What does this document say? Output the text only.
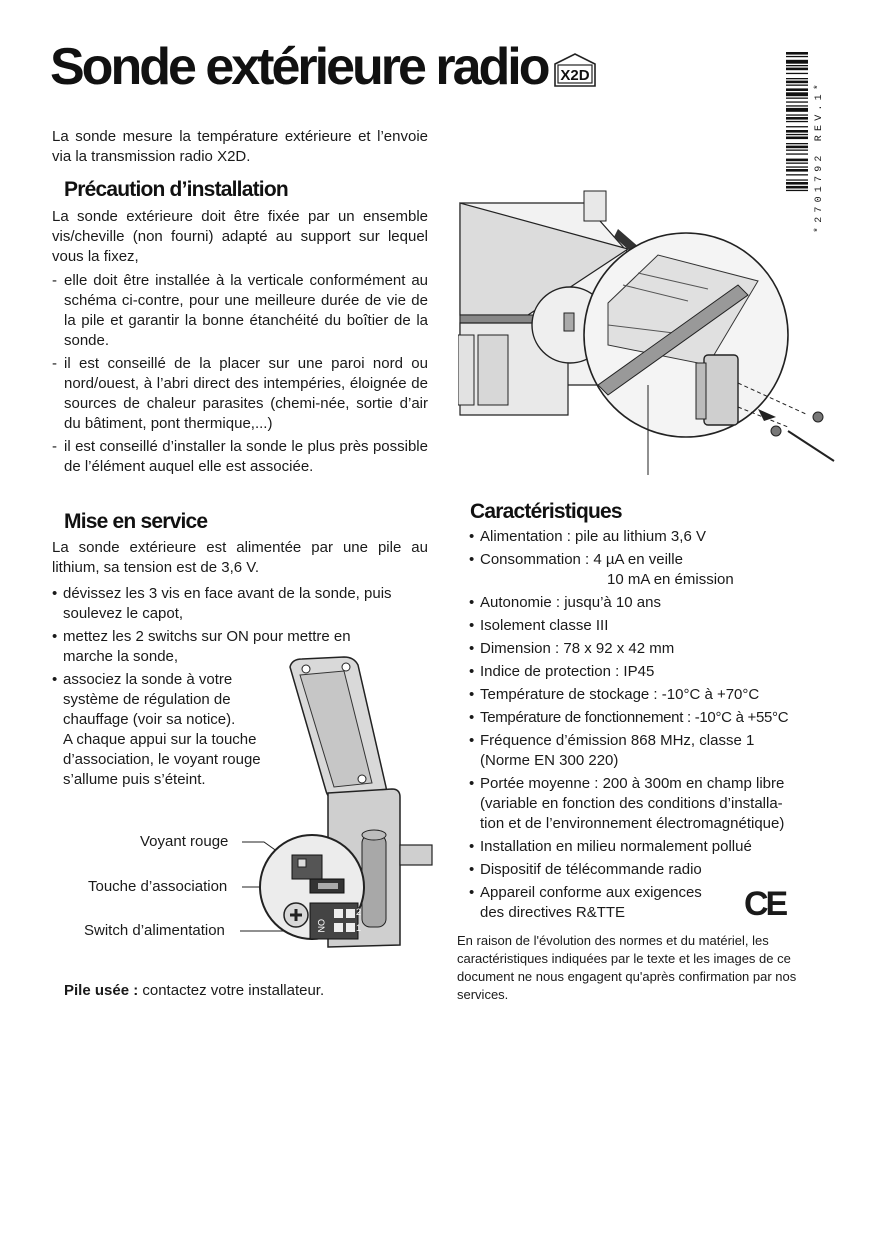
Sonde extérieure radio X2D
*2701792 REV.1*
La sonde mesure la température extérieure et l’envoie via la transmission radio X2D.
Précaution d’installation
La sonde extérieure doit être fixée par un ensemble vis/cheville (non fourni) adapté au support sur lequel vous la fixez,
- elle doit être installée à la verticale conformément au schéma ci-contre, pour une meilleure durée de vie de la pile et garantir la bonne étanchéité du boîtier de la sonde.
- il est conseillé de la placer sur une paroi nord ou nord/ouest, à l’abri direct des intempéries, éloignée de sources de chaleur parasites (chemi-née, sortie d’air du bâtiment, pont thermique,...)
- il est conseillé d’installer la sonde le plus près possible de l’élément auquel elle est associée.
Mise en service
La sonde extérieure est alimentée par une pile au lithium, sa tension est de 3,6 V.
• dévissez les 3 vis en face avant de la sonde, puis soulevez le capot,
• mettez les 2 switchs sur ON pour mettre en marche la sonde,
• associez la sonde à votre
système de régulation de
chauffage (voir sa notice).
A chaque appui sur la touche
d’association, le voyant rouge
s’allume puis s’éteint.
Voyant rouge
Touche d’association
Switch d’alimentation	ON
2
1
Pile usée : contactez votre installateur.
Caractéristiques
• Alimentation : pile au lithium 3,6 V
• Consommation : 4 µA en veille
10 mA en émission
• Autonomie : jusqu’à 10 ans
• Isolement classe III
• Dimension : 78 x 92 x 42 mm
• Indice de protection : IP45
• Température de stockage : -10°C à +70°C
• Température de fonctionnement : -10°C à +55°C
• Fréquence d’émission 868 MHz, classe 1
(Norme EN 300 220)
• Portée moyenne : 200 à 300m en champ libre
(variable en fonction des conditions d’installa-
tion et de l’environnement électromagnétique)
• Installation en milieu normalement pollué
• Dispositif de télécommande radio
• Appareil conforme aux exigences
des directives R&TTE	CE
En raison de l'évolution des normes et du matériel, les caractéristiques indiquées par le texte et les images de ce document ne nous engagent qu'après confirmation par nos services.
